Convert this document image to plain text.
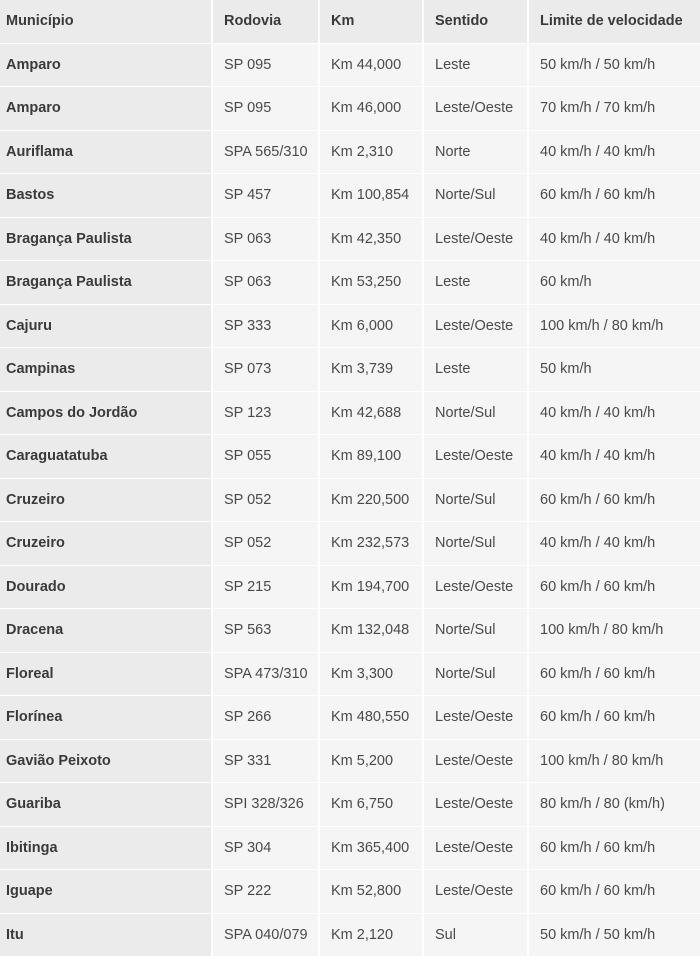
Município	Rodovia	Km	Sentido	Limite de velocidade
Amparo	SP 095	Km 44,000	Leste	50 km/h / 50 km/h
Amparo	SP 095	Km 46,000	Leste/Oeste	70 km/h / 70 km/h
Auriflama	SPA 565/310	Km 2,310	Norte	40 km/h / 40 km/h
Bastos	SP 457	Km 100,854	Norte/Sul	60 km/h / 60 km/h
Bragança Paulista	SP 063	Km 42,350	Leste/Oeste	40 km/h / 40 km/h
Bragança Paulista	SP 063	Km 53,250	Leste	60 km/h
Cajuru	SP 333	Km 6,000	Leste/Oeste	100 km/h / 80 km/h
Campinas	SP 073	Km 3,739	Leste	50 km/h
Campos do Jordão	SP 123	Km 42,688	Norte/Sul	40 km/h / 40 km/h
Caraguatatuba	SP 055	Km 89,100	Leste/Oeste	40 km/h / 40 km/h
Cruzeiro	SP 052	Km 220,500	Norte/Sul	60 km/h / 60 km/h
Cruzeiro	SP 052	Km 232,573	Norte/Sul	40 km/h / 40 km/h
Dourado	SP 215	Km 194,700	Leste/Oeste	60 km/h / 60 km/h
Dracena	SP 563	Km 132,048	Norte/Sul	100 km/h / 80 km/h
Floreal	SPA 473/310	Km 3,300	Norte/Sul	60 km/h / 60 km/h
Florínea	SP 266	Km 480,550	Leste/Oeste	60 km/h / 60 km/h
Gavião Peixoto	SP 331	Km 5,200	Leste/Oeste	100 km/h / 80 km/h
Guariba	SPI 328/326	Km 6,750	Leste/Oeste	80 km/h / 80 (km/h)
Ibitinga	SP 304	Km 365,400	Leste/Oeste	60 km/h / 60 km/h
Iguape	SP 222	Km 52,800	Leste/Oeste	60 km/h / 60 km/h
Itu	SPA 040/079	Km 2,120	Sul	50 km/h / 50 km/h
